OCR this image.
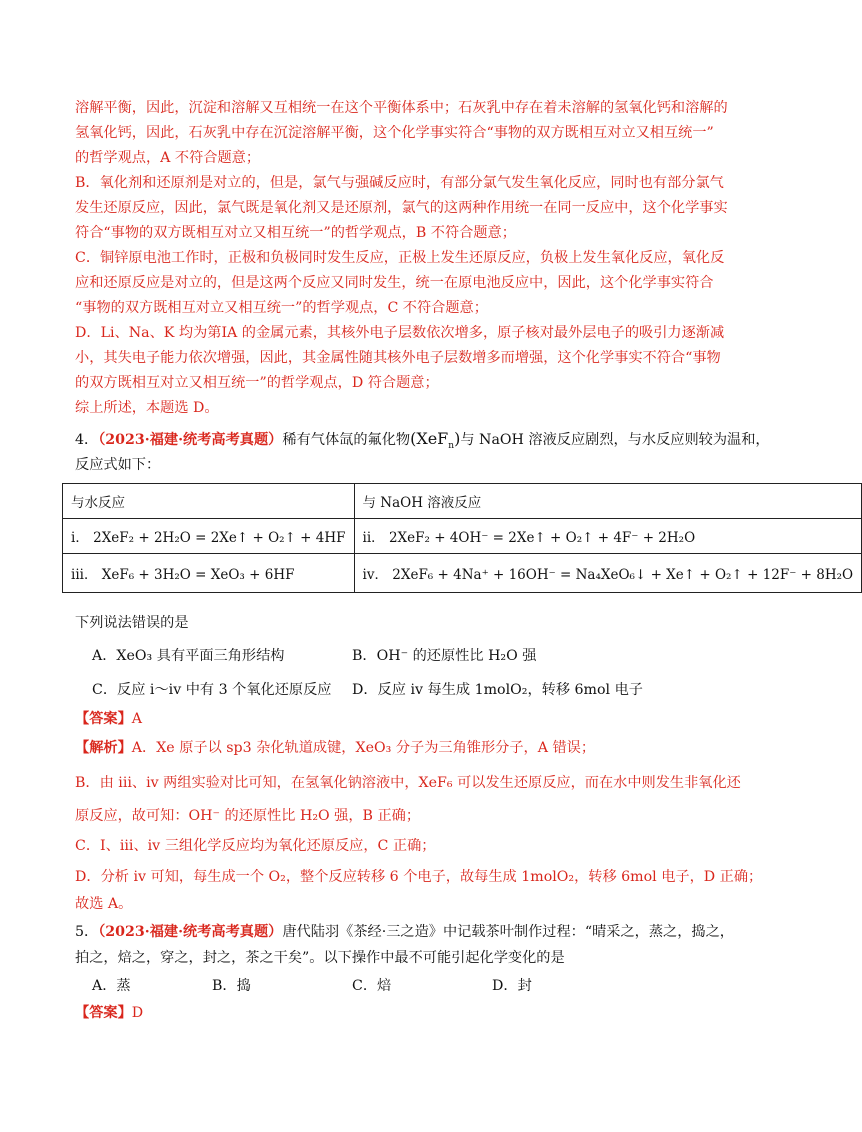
溶解平衡，因此，沉淀和溶解又互相统一在这个平衡体系中；石灰乳中存在着未溶解的氢氧化钙和溶解的
氢氧化钙，因此，石灰乳中存在沉淀溶解平衡，这个化学事实符合“事物的双方既相互对立又相互统一”
的哲学观点，A 不符合题意；
B．氧化剂和还原剂是对立的，但是，氯气与强碱反应时，有部分氯气发生氧化反应，同时也有部分氯气
发生还原反应，因此，氯气既是氧化剂又是还原剂，氯气的这两种作用统一在同一反应中，这个化学事实
符合“事物的双方既相互对立又相互统一”的哲学观点，B 不符合题意；
C．铜锌原电池工作时，正极和负极同时发生反应，正极上发生还原反应，负极上发生氧化反应，氧化反
应和还原反应是对立的，但是这两个反应又同时发生，统一在原电池反应中，因此，这个化学事实符合
“事物的双方既相互对立又相互统一”的哲学观点，C 不符合题意；
D．Li、Na、K 均为第ⅠA 的金属元素，其核外电子层数依次增多，原子核对最外层电子的吸引力逐渐减
小，其失电子能力依次增强，因此，其金属性随其核外电子层数增多而增强，这个化学事实不符合“事物
的双方既相互对立又相互统一”的哲学观点，D 符合题意；
综上所述，本题选 D。
4．（2023·福建·统考高考真题）稀有气体氙的氟化物(XeF$_n$)与 NaOH 溶液反应剧烈，与水反应则较为温和，
反应式如下：
与水反应	与 NaOH 溶液反应
i． 2XeF₂ + 2H₂O = 2Xe↑ + O₂↑ + 4HF	ii． 2XeF₂ + 4OH⁻ = 2Xe↑ + O₂↑ + 4F⁻ + 2H₂O
iii． XeF₆ + 3H₂O = XeO₃ + 6HF	iv． 2XeF₆ + 4Na⁺ + 16OH⁻ = Na₄XeO₆↓ + Xe↑ + O₂↑ + 12F⁻ + 8H₂O
下列说法错误的是
A．XeO₃ 具有平面三角形结构	B．OH⁻ 的还原性比 H₂O 强
C．反应 i～iv 中有 3 个氧化还原反应 D．反应 iv 每生成 1molO₂，转移 6mol 电子
【答案】A
【解析】A．Xe 原子以 sp3 杂化轨道成键，XeO₃ 分子为三角锥形分子，A 错误；
B．由 iii、iv 两组实验对比可知，在氢氧化钠溶液中，XeF₆ 可以发生还原反应，而在水中则发生非氧化还
原反应，故可知：OH⁻ 的还原性比 H₂O 强，B 正确；
C．I、iii、iv 三组化学反应均为氧化还原反应，C 正确；
D．分析 iv 可知，每生成一个 O₂，整个反应转移 6 个电子，故每生成 1molO₂，转移 6mol 电子，D 正确；
故选 A。
5．（2023·福建·统考高考真题）唐代陆羽《茶经·三之造》中记载茶叶制作过程：“晴采之，蒸之，捣之，
拍之，焙之，穿之，封之，茶之干矣”。以下操作中最不可能引起化学变化的是
A．蒸	B．捣	C．焙	D．封
【答案】D
